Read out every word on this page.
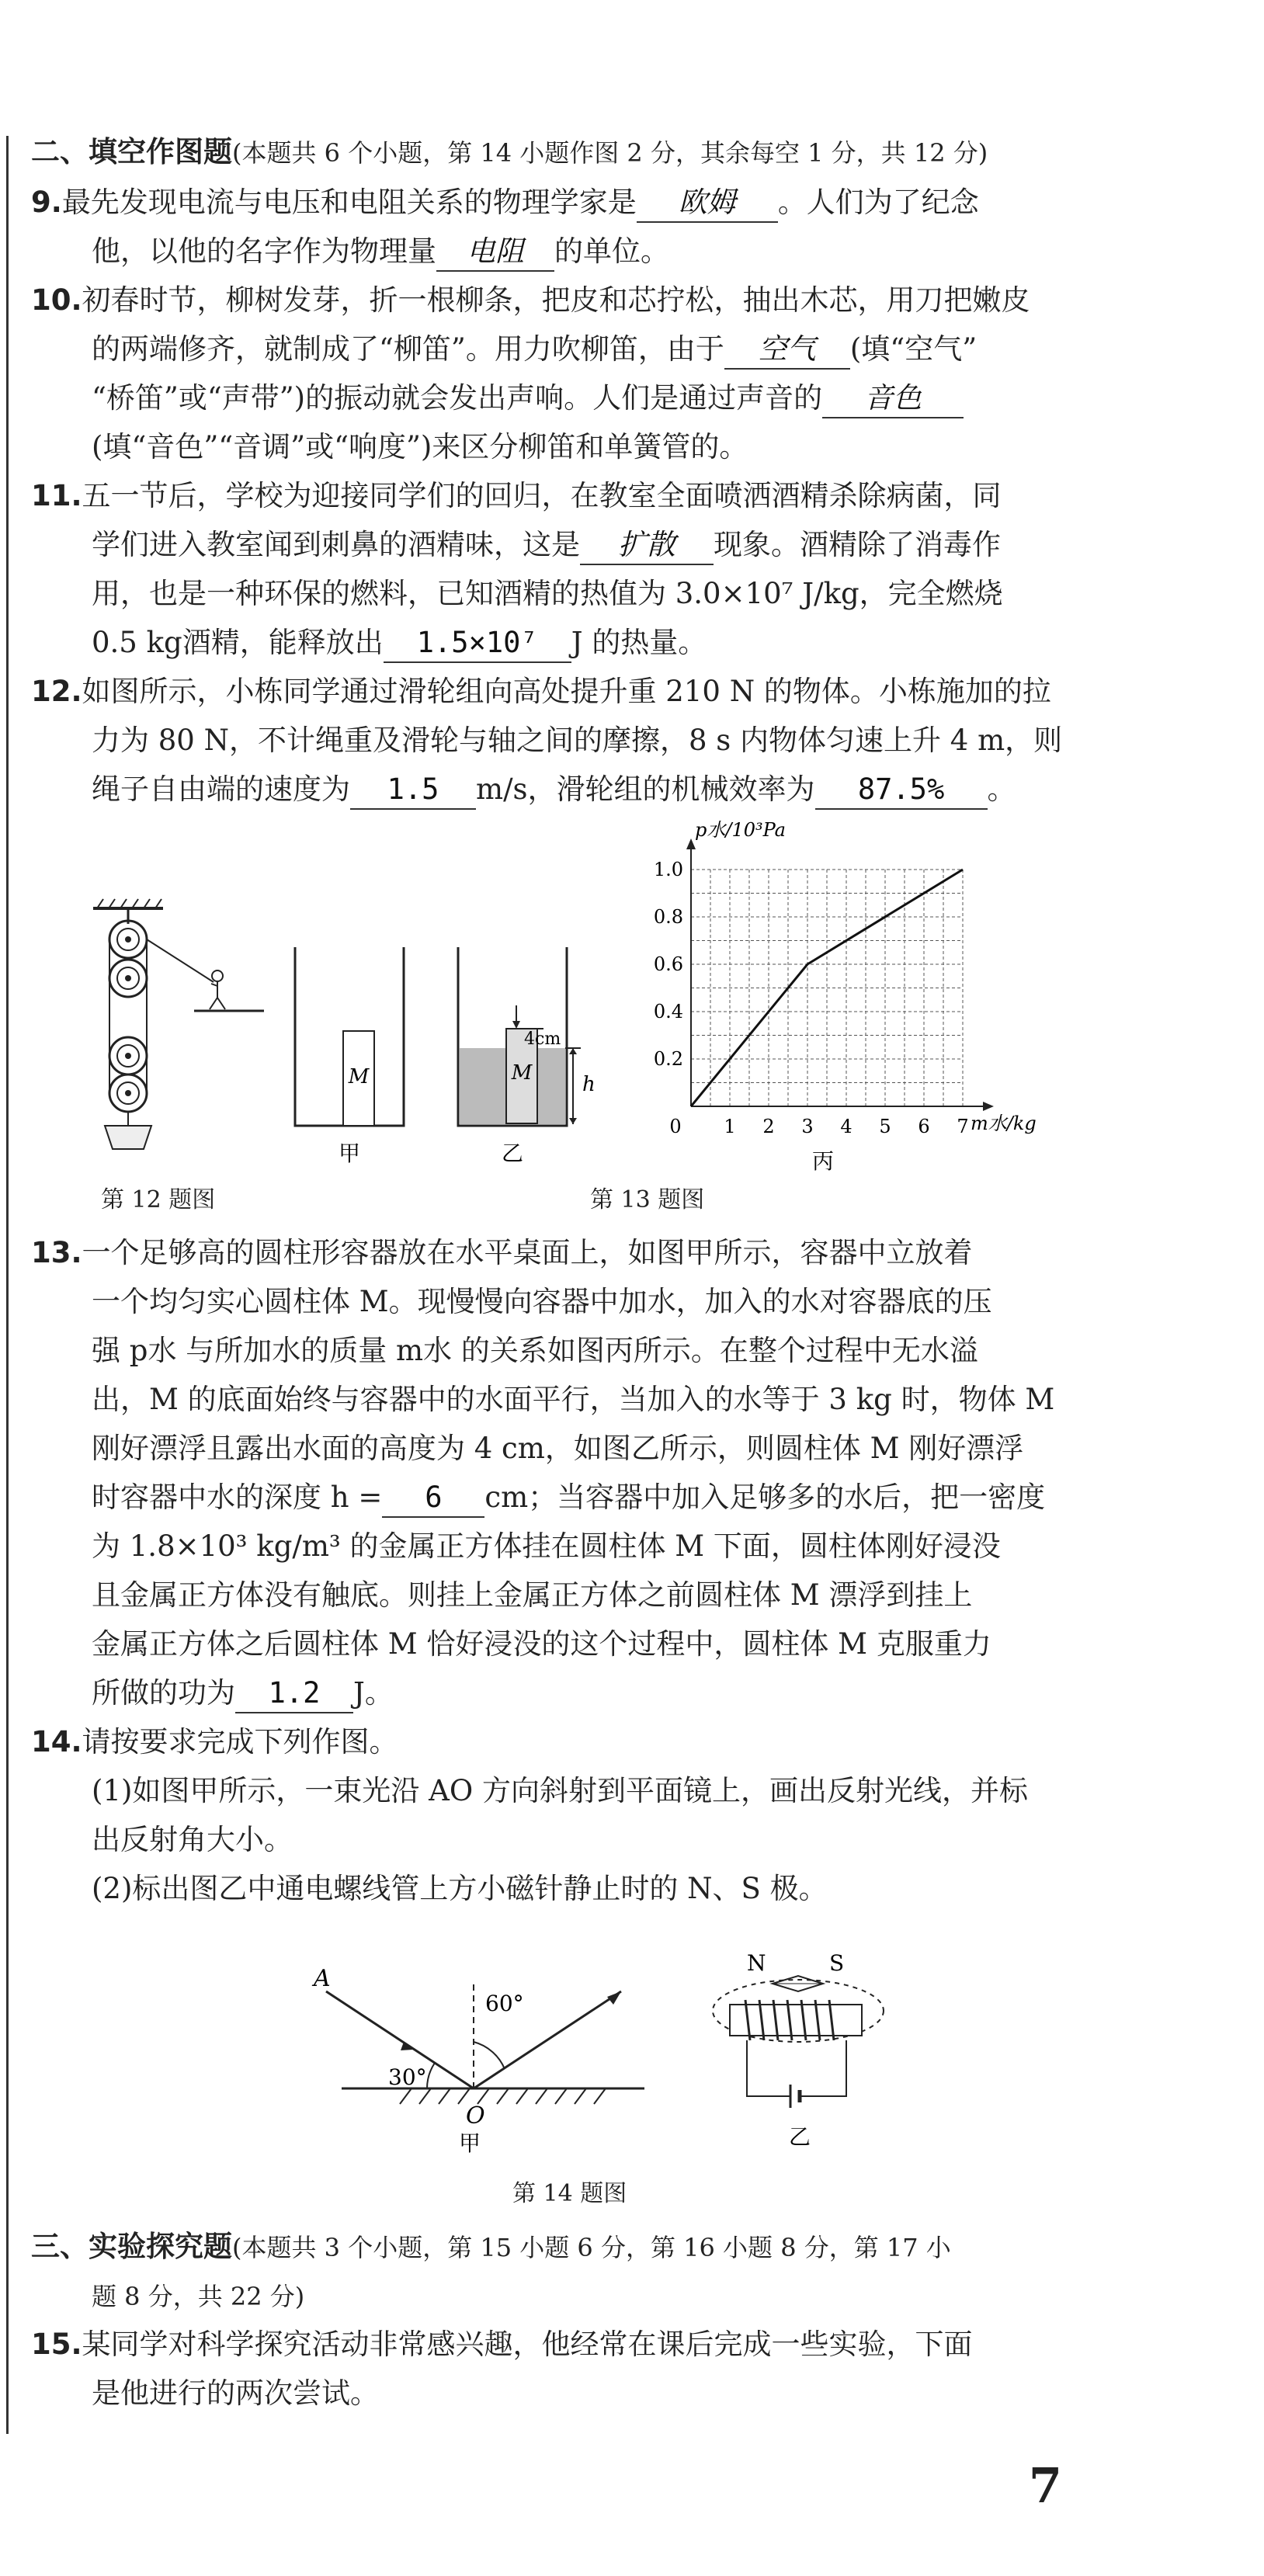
二、填空作图题(本题共 6 个小题，第 14 小题作图 2 分，其余每空 1 分，共 12 分)
9.最先发现电流与电压和电阻关系的物理学家是 欧姆 。人们为了纪念
他，以他的名字作为物理量 电阻 的单位。
10.初春时节，柳树发芽，折一根柳条，把皮和芯拧松，抽出木芯，用刀把嫩皮
的两端修齐，就制成了“柳笛”。用力吹柳笛，由于 空气 (填“空气”
“桥笛”或“声带”)的振动就会发出声响。人们是通过声音的 音色
(填“音色”“音调”或“响度”)来区分柳笛和单簧管的。
11.五一节后，学校为迎接同学们的回归，在教室全面喷洒酒精杀除病菌，同
学们进入教室闻到刺鼻的酒精味，这是 扩散 现象。酒精除了消毒作
用，也是一种环保的燃料，已知酒精的热值为 3.0×10⁷ J/kg，完全燃烧
0.5 kg酒精，能释放出 1.5×10⁷ J 的热量。
12.如图所示，小栋同学通过滑轮组向高处提升重 210 N 的物体。小栋施加的拉
力为 80 N，不计绳重及滑轮与轴之间的摩擦，8 s 内物体匀速上升 4 m，则
绳子自由端的速度为 1.5 m/s，滑轮组的机械效率为 87.5% 。
第 12 题图
M	M
4cm
h
甲	乙
0 1 2 3 4 5 6 7
0.2
0.4
0.6
0.8
1.0
p水/10³Pa
m水/kg
丙
第 13 题图
13.一个足够高的圆柱形容器放在水平桌面上，如图甲所示，容器中立放着
一个均匀实心圆柱体 M。现慢慢向容器中加水，加入的水对容器底的压
强 p水 与所加水的质量 m水 的关系如图丙所示。在整个过程中无水溢
出，M 的底面始终与容器中的水面平行，当加入的水等于 3 kg 时，物体 M
刚好漂浮且露出水面的高度为 4 cm，如图乙所示，则圆柱体 M 刚好漂浮
时容器中水的深度 h = 6 cm；当容器中加入足够多的水后，把一密度
为 1.8×10³ kg/m³ 的金属正方体挂在圆柱体 M 下面，圆柱体刚好浸没
且金属正方体没有触底。则挂上金属正方体之前圆柱体 M 漂浮到挂上
金属正方体之后圆柱体 M 恰好浸没的这个过程中，圆柱体 M 克服重力
所做的功为 1.2 J。
14.请按要求完成下列作图。
(1)如图甲所示，一束光沿 AO 方向斜射到平面镜上，画出反射光线，并标
出反射角大小。
(2)标出图乙中通电螺线管上方小磁针静止时的 N、S 极。
A
O
30°
60°
甲
N	S
乙
第 14 题图
三、实验探究题(本题共 3 个小题，第 15 小题 6 分，第 16 小题 8 分，第 17 小
题 8 分，共 22 分)
15.某同学对科学探究活动非常感兴趣，他经常在课后完成一些实验，下面
是他进行的两次尝试。
7
